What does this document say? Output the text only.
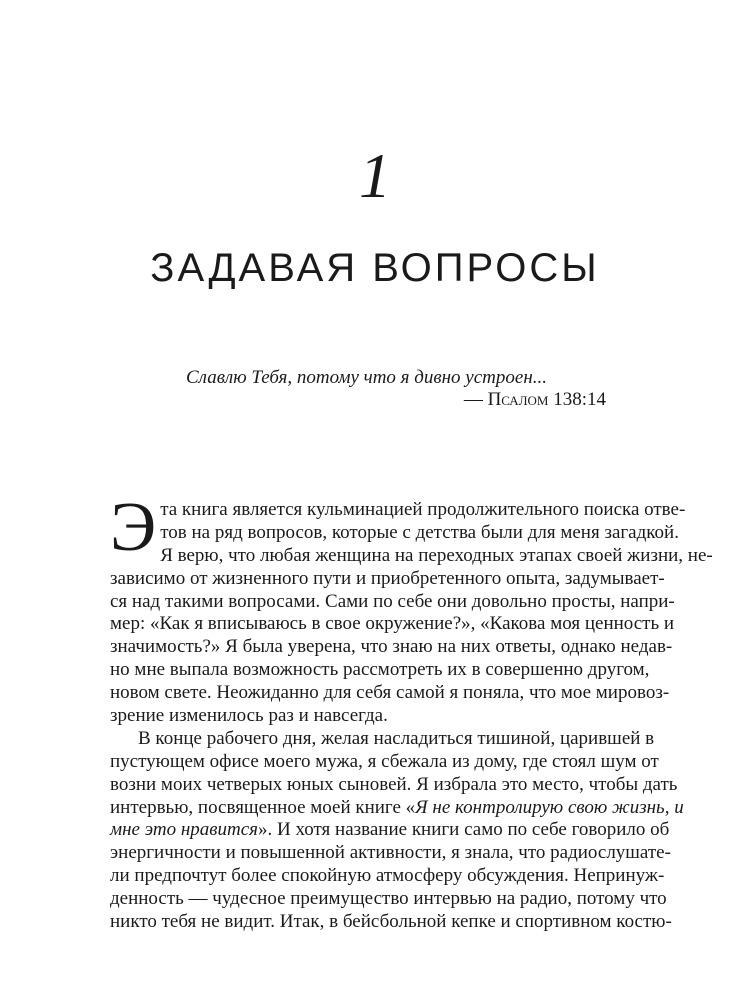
1
ЗАДАВАЯ ВОПРОСЫ
Славлю Тебя, потому что я дивно устроен...
— Псалом 138:14
Э та книга является кульминацией продолжительного поиска отве-
тов на ряд вопросов, которые с детства были для меня загадкой.
Я верю, что любая женщина на переходных этапах своей жизни, не-
зависимо от жизненного пути и приобретенного опыта, задумывает-
ся над такими вопросами. Сами по себе они довольно просты, напри-
мер: «Как я вписываюсь в свое окружение?», «Какова моя ценность и
значимость?» Я была уверена, что знаю на них ответы, однако недав-
но мне выпала возможность рассмотреть их в совершенно другом,
новом свете. Неожиданно для себя самой я поняла, что мое мировоз-
зрение изменилось раз и навсегда.
В конце рабочего дня, желая насладиться тишиной, царившей в
пустующем офисе моего мужа, я сбежала из дому, где стоял шум от
возни моих четверых юных сыновей. Я избрала это место, чтобы дать
интервью, посвященное моей книге «Я не контролирую свою жизнь, и
мне это нравится». И хотя название книги само по себе говорило об
энергичности и повышенной активности, я знала, что радиослушате-
ли предпочтут более спокойную атмосферу обсуждения. Непринуж-
денность — чудесное преимущество интервью на радио, потому что
никто тебя не видит. Итак, в бейсбольной кепке и спортивном костю-
